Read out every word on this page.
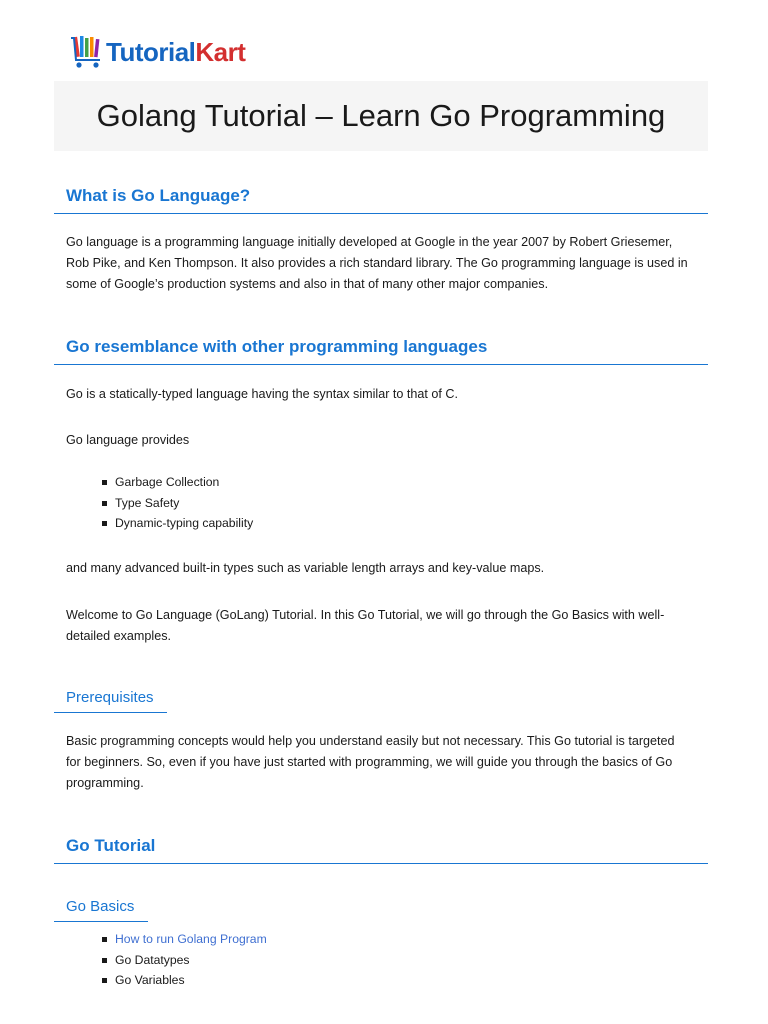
TutorialKart
Golang Tutorial – Learn Go Programming
What is Go Language?

Go language is a programming language initially developed at Google in the year 2007 by Robert Griesemer,
Rob Pike, and Ken Thompson. It also provides a rich standard library. The Go programming language is used in
some of Google’s production systems and also in that of many other major companies.

Go resemblance with other programming languages

Go is a statically-typed language having the syntax similar to that of C.

Go language provides

Garbage Collection
Type Safety
Dynamic-typing capability

and many advanced built-in types such as variable length arrays and key-value maps.

Welcome to Go Language (GoLang) Tutorial. In this Go Tutorial, we will go through the Go Basics with well-
detailed examples.

Prerequisites

Basic programming concepts would help you understand easily but not necessary. This Go tutorial is targeted
for beginners. So, even if you have just started with programming, we will guide you through the basics of Go
programming.

Go Tutorial
Go Basics
How to run Golang Program
Go Datatypes
Go Variables
